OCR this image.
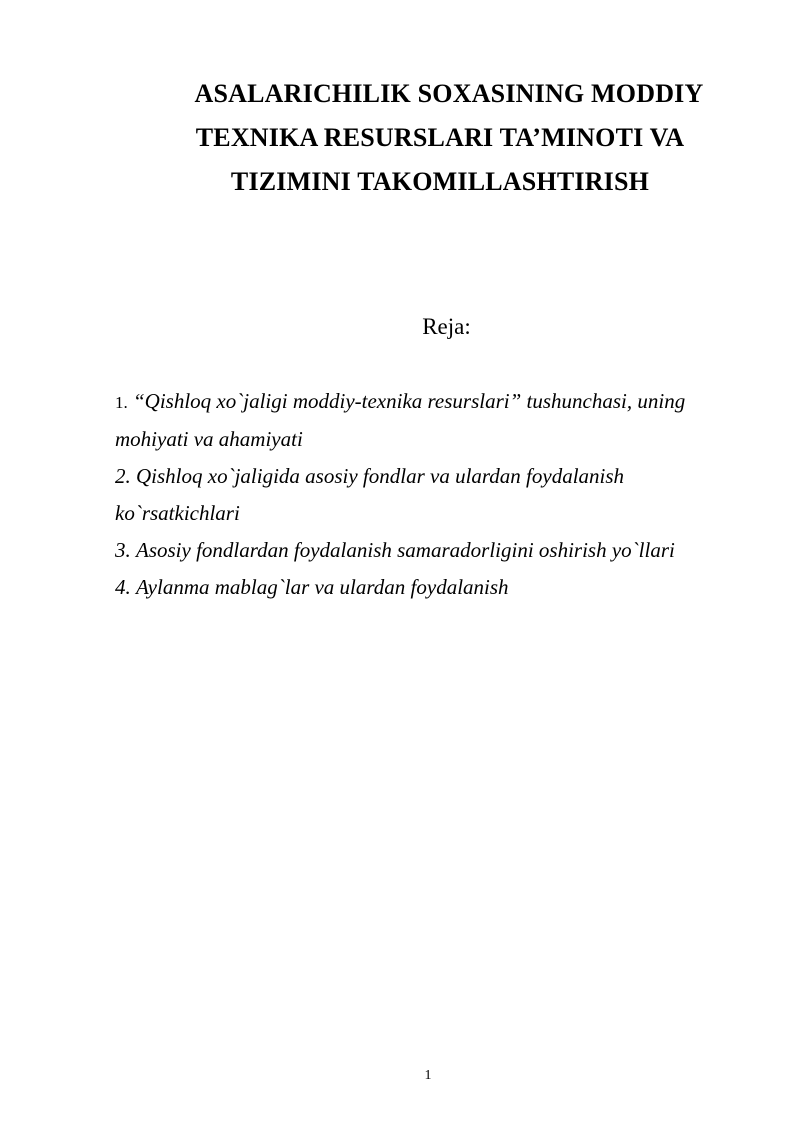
ASALARICHILIK SOXASINING MODDIY
TEXNIKA RESURSLARI TA’MINOTI VA
TIZIMINI TAKOMILLASHTIRISH
Reja:
1. “Qishloq xo`jaligi moddiy-texnika resurslari” tushunchasi, uning
mohiyati va ahamiyati
2. Qishloq xo`jaligida asosiy fondlar va ulardan foydalanish
ko`rsatkichlari
3. Asosiy fondlardan foydalanish samaradorligini oshirish yo`llari
4. Aylanma mablag`lar va ulardan foydalanish
1
